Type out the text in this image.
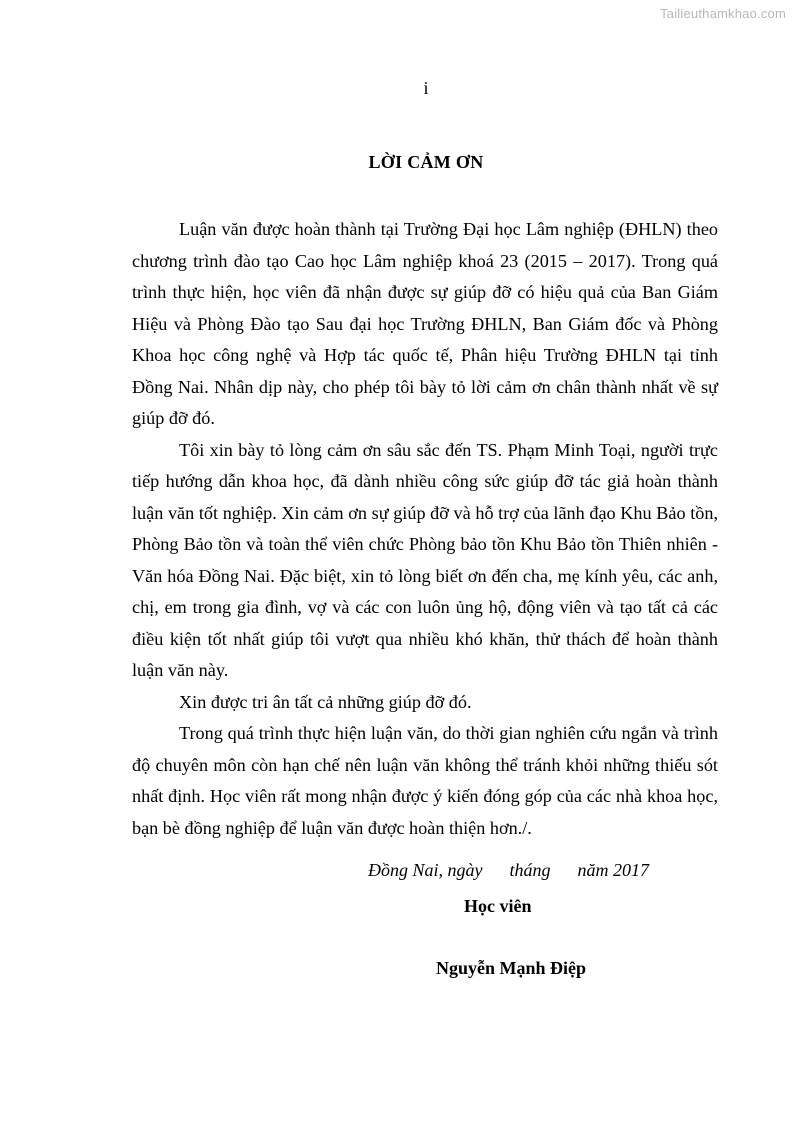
Tailieuthamkhao.com
i
LỜI CẢM ƠN

Luận văn được hoàn thành tại Trường Đại học Lâm nghiệp (ĐHLN) theo chương trình đào tạo Cao học Lâm nghiệp khoá 23 (2015 – 2017). Trong quá trình thực hiện, học viên đã nhận được sự giúp đỡ có hiệu quả của Ban Giám Hiệu và Phòng Đào tạo Sau đại học Trường ĐHLN, Ban Giám đốc và Phòng Khoa học công nghệ và Hợp tác quốc tế, Phân hiệu Trường ĐHLN tại tỉnh Đồng Nai. Nhân dịp này, cho phép tôi bày tỏ lời cảm ơn chân thành nhất về sự giúp đỡ đó.

Tôi xin bày tỏ lòng cảm ơn sâu sắc đến TS. Phạm Minh Toại, người trực tiếp hướng dẫn khoa học, đã dành nhiều công sức giúp đỡ tác giả hoàn thành luận văn tốt nghiệp. Xin cảm ơn sự giúp đỡ và hỗ trợ của lãnh đạo Khu Bảo tồn, Phòng Bảo tồn và toàn thể viên chức Phòng bảo tồn Khu Bảo tồn Thiên nhiên -Văn hóa Đồng Nai. Đặc biệt, xin tỏ lòng biết ơn đến cha, mẹ kính yêu, các anh, chị, em trong gia đình, vợ và các con luôn ủng hộ, động viên và tạo tất cả các điều kiện tốt nhất giúp tôi vượt qua nhiều khó khăn, thử thách để hoàn thành luận văn này.

Xin được tri ân tất cả những giúp đỡ đó.

Trong quá trình thực hiện luận văn, do thời gian nghiên cứu ngắn và trình độ chuyên môn còn hạn chế nên luận văn không thể tránh khỏi những thiếu sót nhất định. Học viên rất mong nhận được ý kiến đóng góp của các nhà khoa học, bạn bè đồng nghiệp để luận văn được hoàn thiện hơn./.

Đồng Nai, ngày      tháng      năm 2017
Học viên
Nguyễn Mạnh Điệp
